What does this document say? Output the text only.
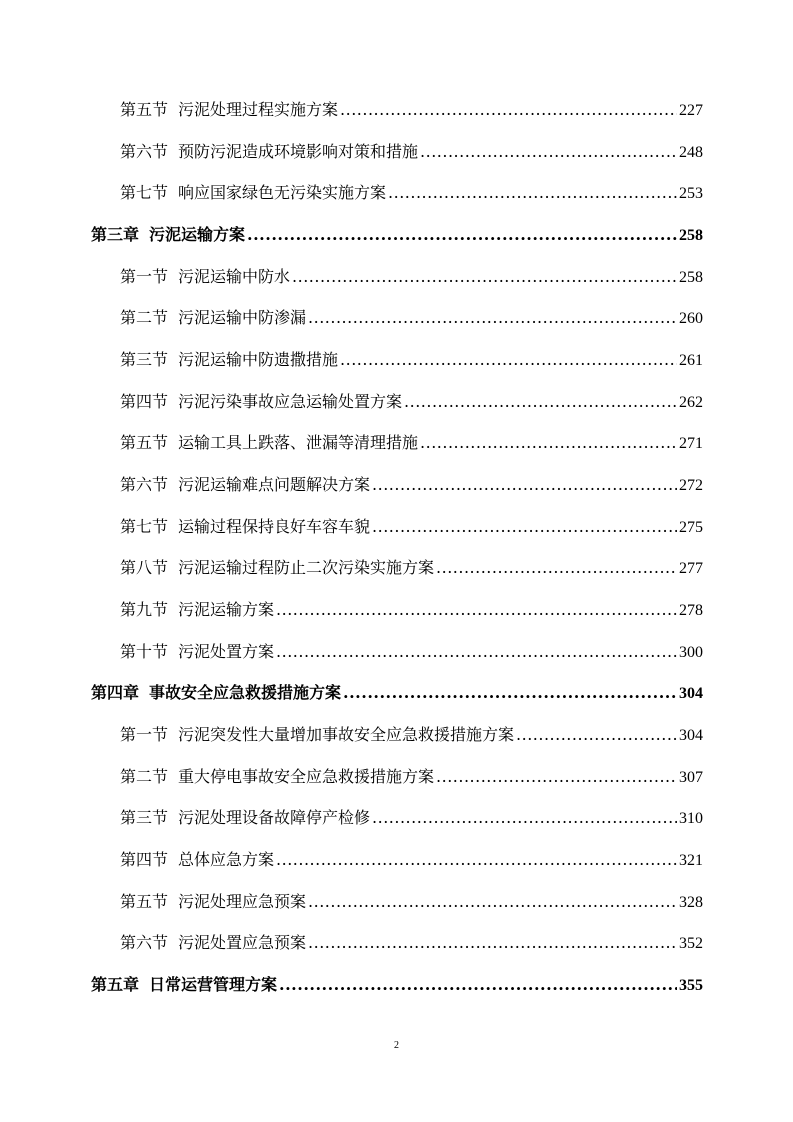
第五节 污泥处理过程实施方案 .....	227
第六节 预防污泥造成环境影响对策和措施 .....	248
第七节 响应国家绿色无污染实施方案 .....	253
第三章 污泥运输方案 .....	258
第一节 污泥运输中防水 .....	258
第二节 污泥运输中防渗漏 .....	260
第三节 污泥运输中防遗撒措施 .....	261
第四节 污泥污染事故应急运输处置方案 .....	262
第五节 运输工具上跌落、泄漏等清理措施 .....	271
第六节 污泥运输难点问题解决方案 .....	272
第七节 运输过程保持良好车容车貌 .....	275
第八节 污泥运输过程防止二次污染实施方案 .....	277
第九节 污泥运输方案 .....	278
第十节 污泥处置方案 .....	300
第四章 事故安全应急救援措施方案 .....	304
第一节 污泥突发性大量增加事故安全应急救援措施方案 .....	304
第二节 重大停电事故安全应急救援措施方案 .....	307
第三节 污泥处理设备故障停产检修 .....	310
第四节 总体应急方案 .....	321
第五节 污泥处理应急预案 .....	328
第六节 污泥处置应急预案 .....	352
第五章 日常运营管理方案 .....	355
2
